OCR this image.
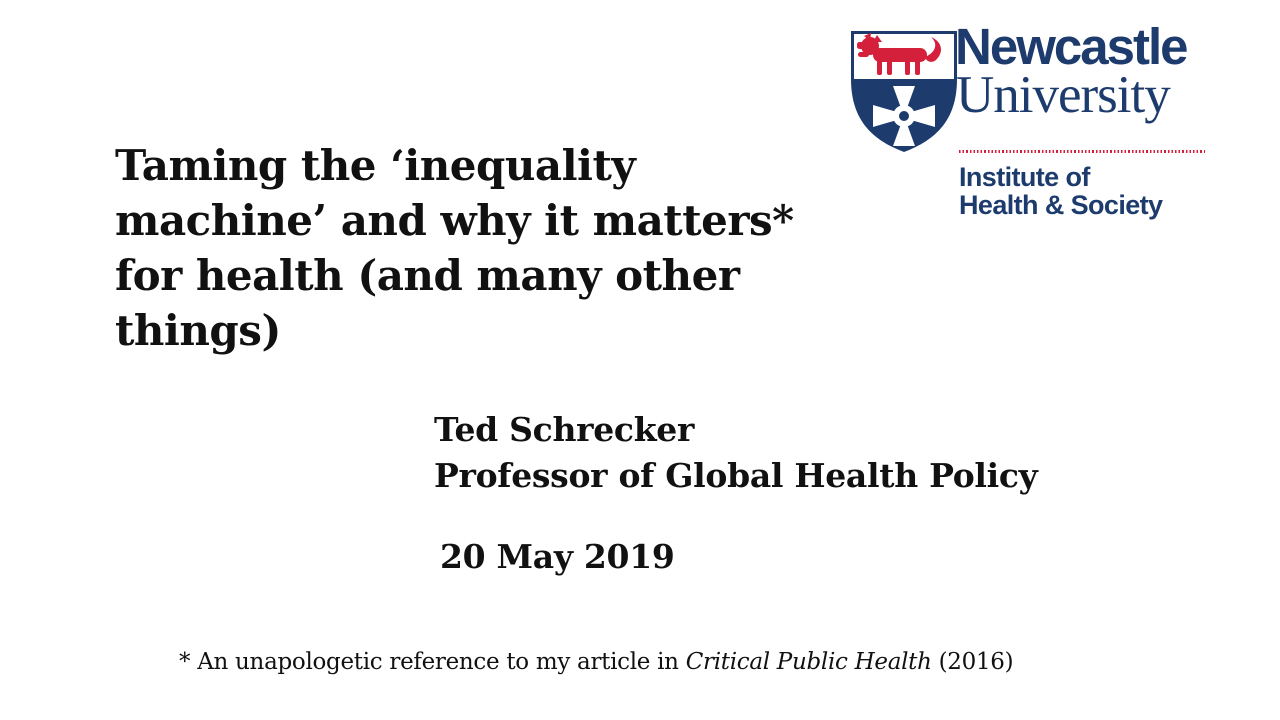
Taming the ‘inequality
machine’ and why it matters*
for health (and many other
things)
Ted Schrecker
Professor of Global Health Policy
20 May 2019
* An unapologetic reference to my article in Critical Public Health (2016)
Newcastle
University
Institute of
Health & Society
